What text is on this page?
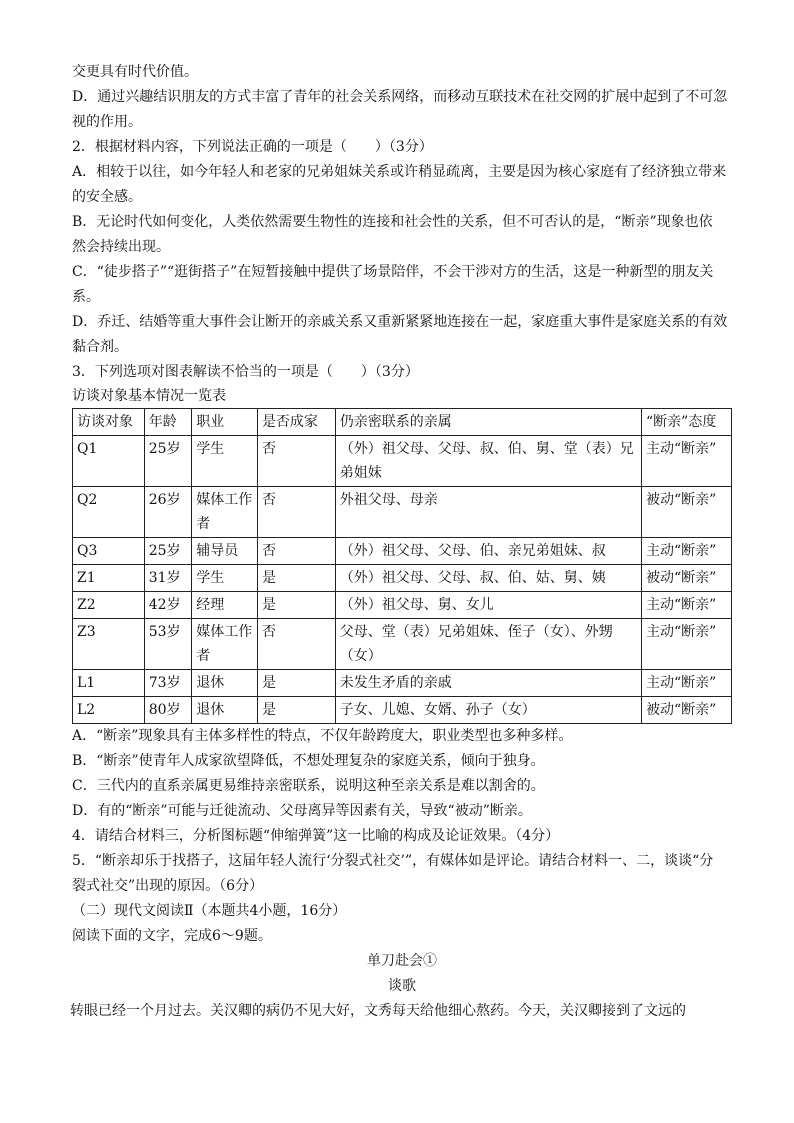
交更具有时代价值。

D．通过兴趣结识朋友的方式丰富了青年的社会关系网络，而移动互联技术在社交网的扩展中起到了不可忽

视的作用。

2．根据材料内容，下列说法正确的一项是（　　）（3分）

A．相较于以往，如今年轻人和老家的兄弟姐妹关系或许稍显疏离，主要是因为核心家庭有了经济独立带来

的安全感。

B．无论时代如何变化，人类依然需要生物性的连接和社会性的关系，但不可否认的是，“断亲”现象也依

然会持续出现。

C．“徒步搭子”“逛街搭子”在短暂接触中提供了场景陪伴，不会干涉对方的生活，这是一种新型的朋友关

系。

D．乔迁、结婚等重大事件会让断开的亲戚关系又重新紧紧地连接在一起，家庭重大事件是家庭关系的有效

黏合剂。

3．下列选项对图表解读不恰当的一项是（　　）（3分）

访谈对象基本情况一览表

访谈对象	年龄	职业	是否成家	仍亲密联系的亲属	“断亲”态度
Q1	25岁	学生	否	（外）祖父母、父母、叔、伯、舅、堂（表）兄弟姐妹	主动“断亲”
Q2	26岁	媒体工作者	否	外祖父母、母亲	被动“断亲”
Q3	25岁	辅导员	否	（外）祖父母、父母、伯、亲兄弟姐妹、叔	主动“断亲”
Z1	31岁	学生	是	（外）祖父母、父母、叔、伯、姑、舅、姨	被动“断亲”
Z2	42岁	经理	是	（外）祖父母、舅、女儿	主动“断亲”
Z3	53岁	媒体工作者	否	父母、堂（表）兄弟姐妹、侄子（女）、外甥（女）	主动“断亲”
L1	73岁	退休	是	未发生矛盾的亲戚	主动“断亲”
L2	80岁	退休	是	子女、儿媳、女婿、孙子（女）	被动“断亲”

A．“断亲”现象具有主体多样性的特点，不仅年龄跨度大，职业类型也多种多样。

B．“断亲”使青年人成家欲望降低，不想处理复杂的家庭关系，倾向于独身。

C．三代内的直系亲属更易维持亲密联系，说明这种至亲关系是难以割舍的。

D．有的“断亲”可能与迁徙流动、父母离异等因素有关，导致“被动”断亲。

4．请结合材料三，分析图标题“伸缩弹簧”这一比喻的构成及论证效果。（4分）

5．“断亲却乐于找搭子，这届年轻人流行‘分裂式社交’”，有媒体如是评论。请结合材料一、二，谈谈“分

裂式社交”出现的原因。（6分）

（二）现代文阅读Ⅱ（本题共4小题，16分）

阅读下面的文字，完成6～9题。

单刀赴会①

谈歌

转眼已经一个月过去。关汉卿的病仍不见大好，文秀每天给他细心熬药。今天，关汉卿接到了文远的
